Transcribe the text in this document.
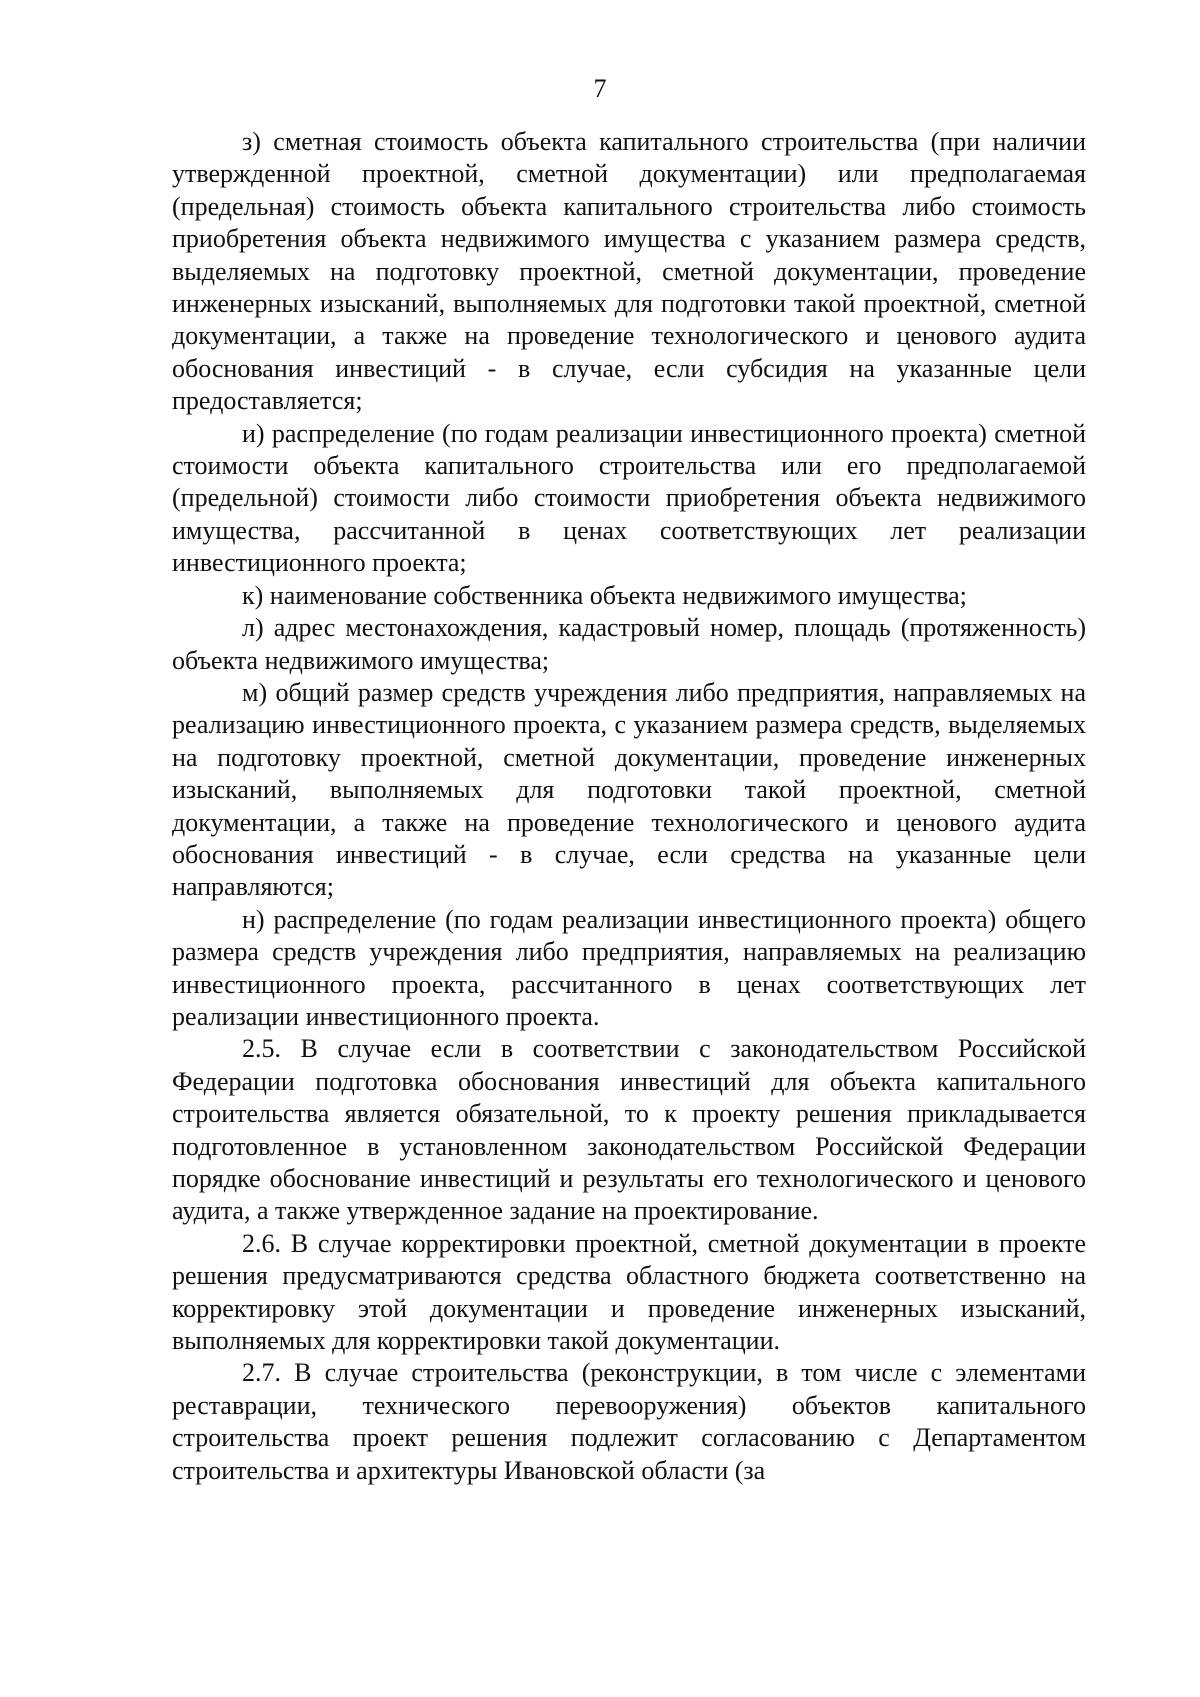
7

з) сметная стоимость объекта капитального строительства (при наличии утвержденной проектной, сметной документации) или предполагаемая (предельная) стоимость объекта капитального строительства либо стоимость приобретения объекта недвижимого имущества с указанием размера средств, выделяемых на подготовку проектной, сметной документации, проведение инженерных изысканий, выполняемых для подготовки такой проектной, сметной документации, а также на проведение технологического и ценового аудита обоснования инвестиций - в случае, если субсидия на указанные цели предоставляется;

и) распределение (по годам реализации инвестиционного проекта) сметной стоимости объекта капитального строительства или его предполагаемой (предельной) стоимости либо стоимости приобретения объекта недвижимого имущества, рассчитанной в ценах соответствующих лет реализации инвестиционного проекта;

к) наименование собственника объекта недвижимого имущества;

л) адрес местонахождения, кадастровый номер, площадь (протяженность) объекта недвижимого имущества;

м) общий размер средств учреждения либо предприятия, направляемых на реализацию инвестиционного проекта, с указанием размера средств, выделяемых на подготовку проектной, сметной документации, проведение инженерных изысканий, выполняемых для подготовки такой проектной, сметной документации, а также на проведение технологического и ценового аудита обоснования инвестиций - в случае, если средства на указанные цели направляются;

н) распределение (по годам реализации инвестиционного проекта) общего размера средств учреждения либо предприятия, направляемых на реализацию инвестиционного проекта, рассчитанного в ценах соответствующих лет реализации инвестиционного проекта.

2.5. В случае если в соответствии с законодательством Российской Федерации подготовка обоснования инвестиций для объекта капитального строительства является обязательной, то к проекту решения прикладывается подготовленное в установленном законодательством Российской Федерации порядке обоснование инвестиций и результаты его технологического и ценового аудита, а также утвержденное задание на проектирование.

2.6. В случае корректировки проектной, сметной документации в проекте решения предусматриваются средства областного бюджета соответственно на корректировку этой документации и проведение инженерных изысканий, выполняемых для корректировки такой документации.

2.7. В случае строительства (реконструкции, в том числе с элементами реставрации, технического перевооружения) объектов капитального строительства проект решения подлежит согласованию с Департаментом строительства и архитектуры Ивановской области (за
